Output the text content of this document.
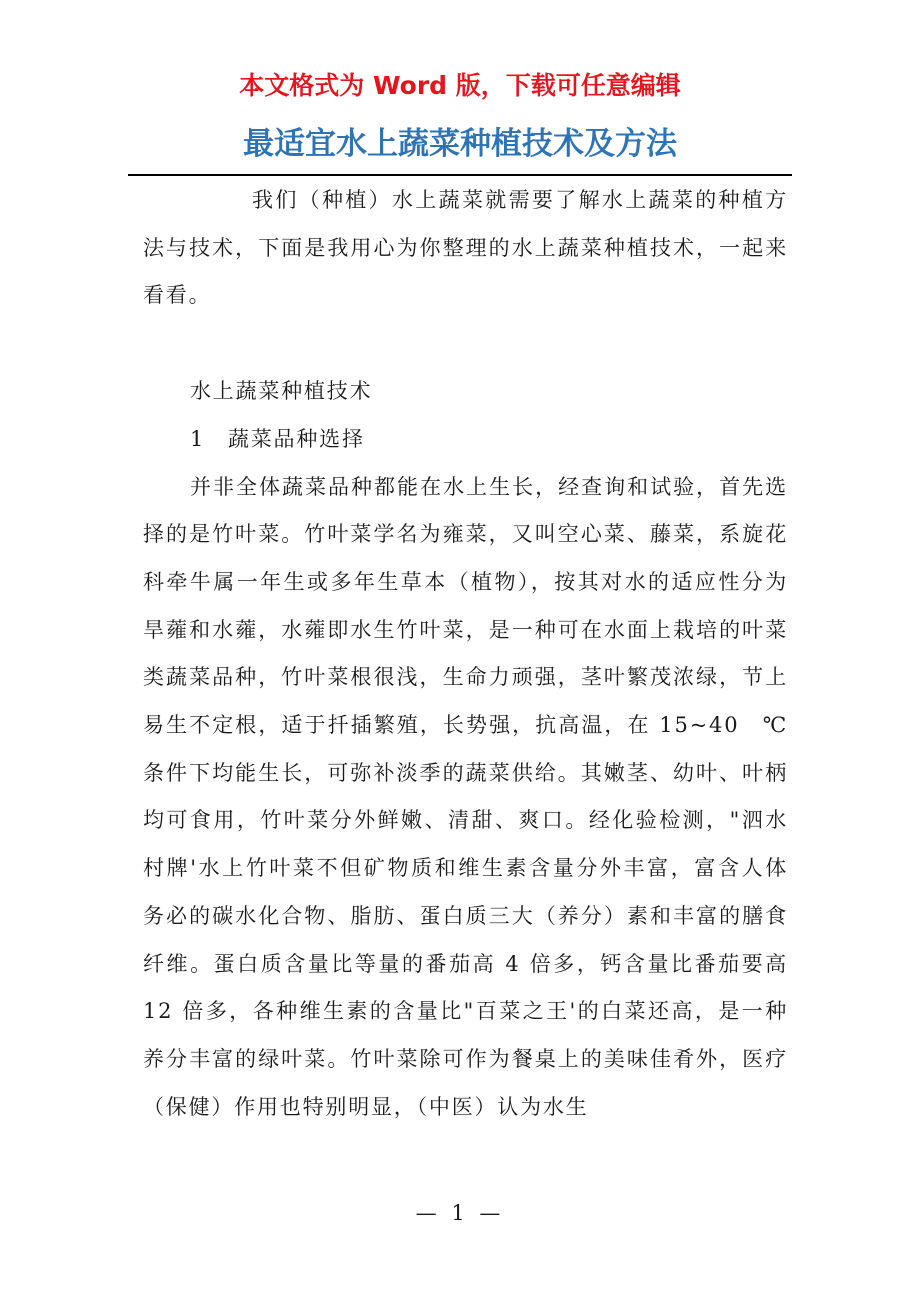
本文格式为 Word 版，下载可任意编辑
最适宜水上蔬菜种植技术及方法

我们（种植）水上蔬菜就需要了解水上蔬菜的种植方法与技术，下面是我用心为你整理的水上蔬菜种植技术，一起来看看。

水上蔬菜种植技术

1　蔬菜品种选择

并非全体蔬菜品种都能在水上生长，经查询和试验，首先选择的是竹叶菜。竹叶菜学名为雍菜，又叫空心菜、藤菜，系旋花科牵牛属一年生或多年生草本（植物），按其对水的适应性分为旱蕹和水蕹，水蕹即水生竹叶菜，是一种可在水面上栽培的叶菜类蔬菜品种，竹叶菜根很浅，生命力顽强，茎叶繁茂浓绿，节上易生不定根，适于扦插繁殖，长势强，抗高温，在 15~40　℃条件下均能生长，可弥补淡季的蔬菜供给。其嫩茎、幼叶、叶柄均可食用，竹叶菜分外鲜嫩、清甜、爽口。经化验检测，"泗水村牌'水上竹叶菜不但矿物质和维生素含量分外丰富，富含人体务必的碳水化合物、脂肪、蛋白质三大（养分）素和丰富的膳食纤维。蛋白质含量比等量的番茄高 4 倍多，钙含量比番茄要高 12 倍多，各种维生素的含量比"百菜之王'的白菜还高，是一种养分丰富的绿叶菜。竹叶菜除可作为餐桌上的美味佳肴外，医疗（保健）作用也特别明显，（中医）认为水生

— 1 —
